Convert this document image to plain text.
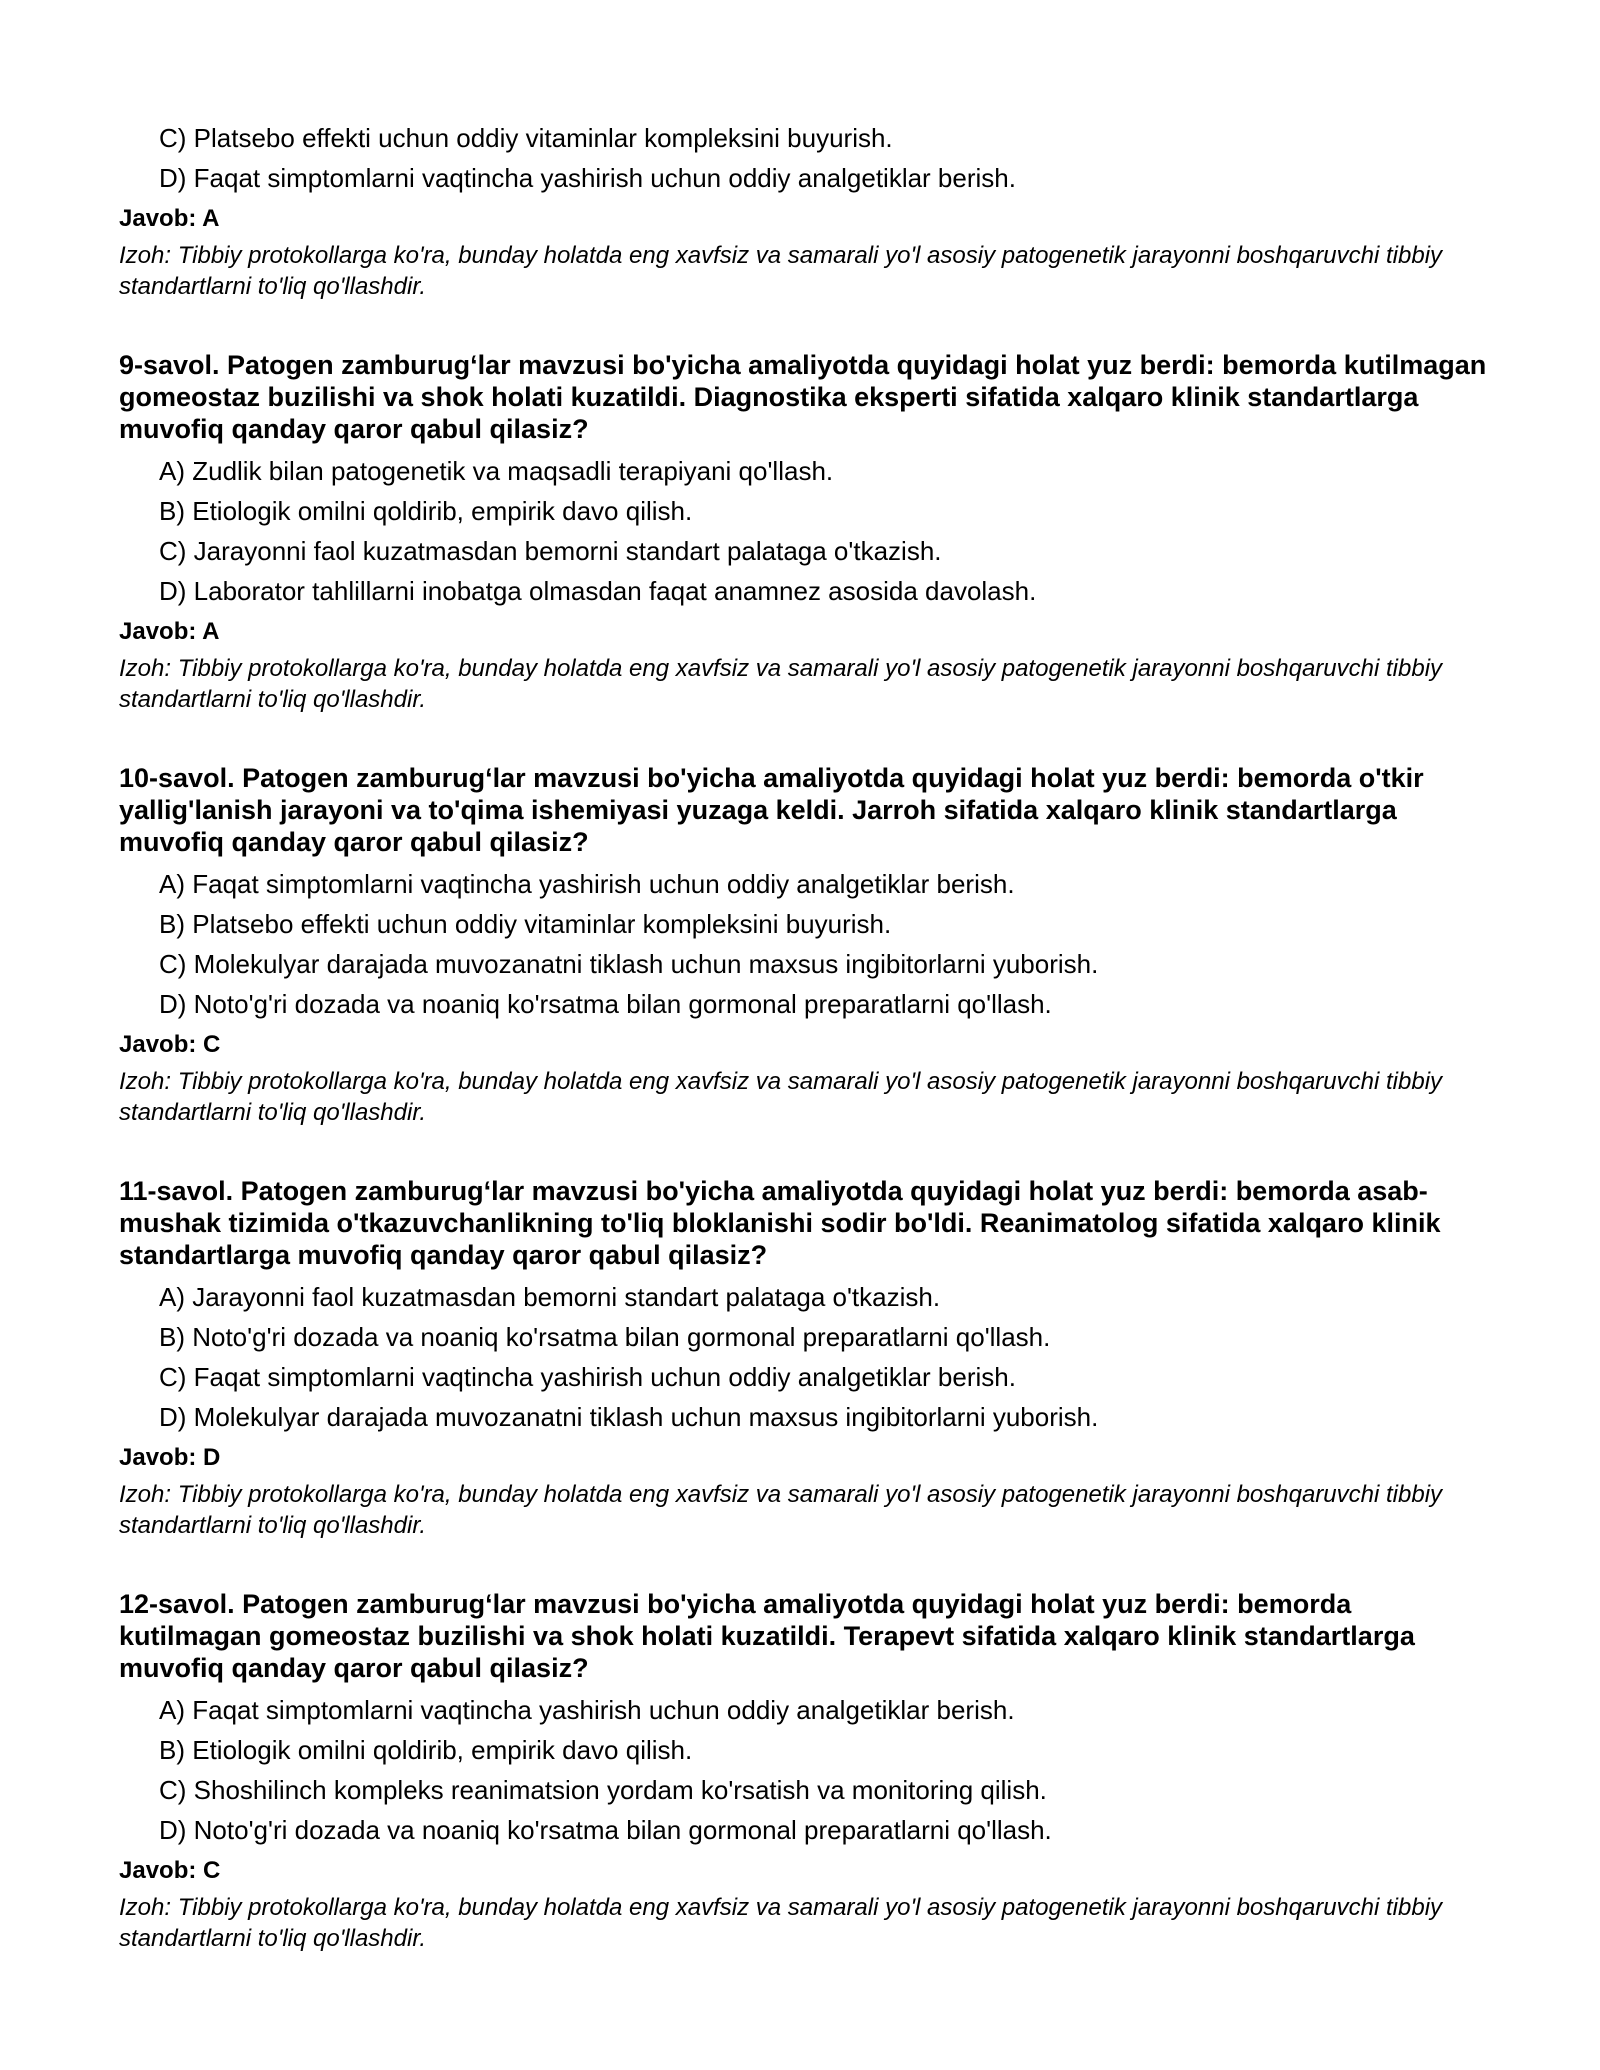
C) Platsebo effekti uchun oddiy vitaminlar kompleksini buyurish.
D) Faqat simptomlarni vaqtincha yashirish uchun oddiy analgetiklar berish.
Javob: A
Izoh: Tibbiy protokollarga ko'ra, bunday holatda eng xavfsiz va samarali yo'l asosiy patogenetik jarayonni boshqaruvchi tibbiy standartlarni to'liq qo'llashdir.
9-savol. Patogen zamburug‘lar mavzusi bo'yicha amaliyotda quyidagi holat yuz berdi: bemorda kutilmagan gomeostaz buzilishi va shok holati kuzatildi. Diagnostika eksperti sifatida xalqaro klinik standartlarga muvofiq qanday qaror qabul qilasiz?
A) Zudlik bilan patogenetik va maqsadli terapiyani qo'llash.
B) Etiologik omilni qoldirib, empirik davo qilish.
C) Jarayonni faol kuzatmasdan bemorni standart palataga o'tkazish.
D) Laborator tahlillarni inobatga olmasdan faqat anamnez asosida davolash.
Javob: A
Izoh: Tibbiy protokollarga ko'ra, bunday holatda eng xavfsiz va samarali yo'l asosiy patogenetik jarayonni boshqaruvchi tibbiy standartlarni to'liq qo'llashdir.
10-savol. Patogen zamburug‘lar mavzusi bo'yicha amaliyotda quyidagi holat yuz berdi: bemorda o'tkir yallig'lanish jarayoni va to'qima ishemiyasi yuzaga keldi. Jarroh sifatida xalqaro klinik standartlarga muvofiq qanday qaror qabul qilasiz?
A) Faqat simptomlarni vaqtincha yashirish uchun oddiy analgetiklar berish.
B) Platsebo effekti uchun oddiy vitaminlar kompleksini buyurish.
C) Molekulyar darajada muvozanatni tiklash uchun maxsus ingibitorlarni yuborish.
D) Noto'g'ri dozada va noaniq ko'rsatma bilan gormonal preparatlarni qo'llash.
Javob: C
Izoh: Tibbiy protokollarga ko'ra, bunday holatda eng xavfsiz va samarali yo'l asosiy patogenetik jarayonni boshqaruvchi tibbiy standartlarni to'liq qo'llashdir.
11-savol. Patogen zamburug‘lar mavzusi bo'yicha amaliyotda quyidagi holat yuz berdi: bemorda asab-mushak tizimida o'tkazuvchanlikning to'liq bloklanishi sodir bo'ldi. Reanimatolog sifatida xalqaro klinik standartlarga muvofiq qanday qaror qabul qilasiz?
A) Jarayonni faol kuzatmasdan bemorni standart palataga o'tkazish.
B) Noto'g'ri dozada va noaniq ko'rsatma bilan gormonal preparatlarni qo'llash.
C) Faqat simptomlarni vaqtincha yashirish uchun oddiy analgetiklar berish.
D) Molekulyar darajada muvozanatni tiklash uchun maxsus ingibitorlarni yuborish.
Javob: D
Izoh: Tibbiy protokollarga ko'ra, bunday holatda eng xavfsiz va samarali yo'l asosiy patogenetik jarayonni boshqaruvchi tibbiy standartlarni to'liq qo'llashdir.
12-savol. Patogen zamburug‘lar mavzusi bo'yicha amaliyotda quyidagi holat yuz berdi: bemorda kutilmagan gomeostaz buzilishi va shok holati kuzatildi. Terapevt sifatida xalqaro klinik standartlarga muvofiq qanday qaror qabul qilasiz?
A) Faqat simptomlarni vaqtincha yashirish uchun oddiy analgetiklar berish.
B) Etiologik omilni qoldirib, empirik davo qilish.
C) Shoshilinch kompleks reanimatsion yordam ko'rsatish va monitoring qilish.
D) Noto'g'ri dozada va noaniq ko'rsatma bilan gormonal preparatlarni qo'llash.
Javob: C
Izoh: Tibbiy protokollarga ko'ra, bunday holatda eng xavfsiz va samarali yo'l asosiy patogenetik jarayonni boshqaruvchi tibbiy standartlarni to'liq qo'llashdir.
